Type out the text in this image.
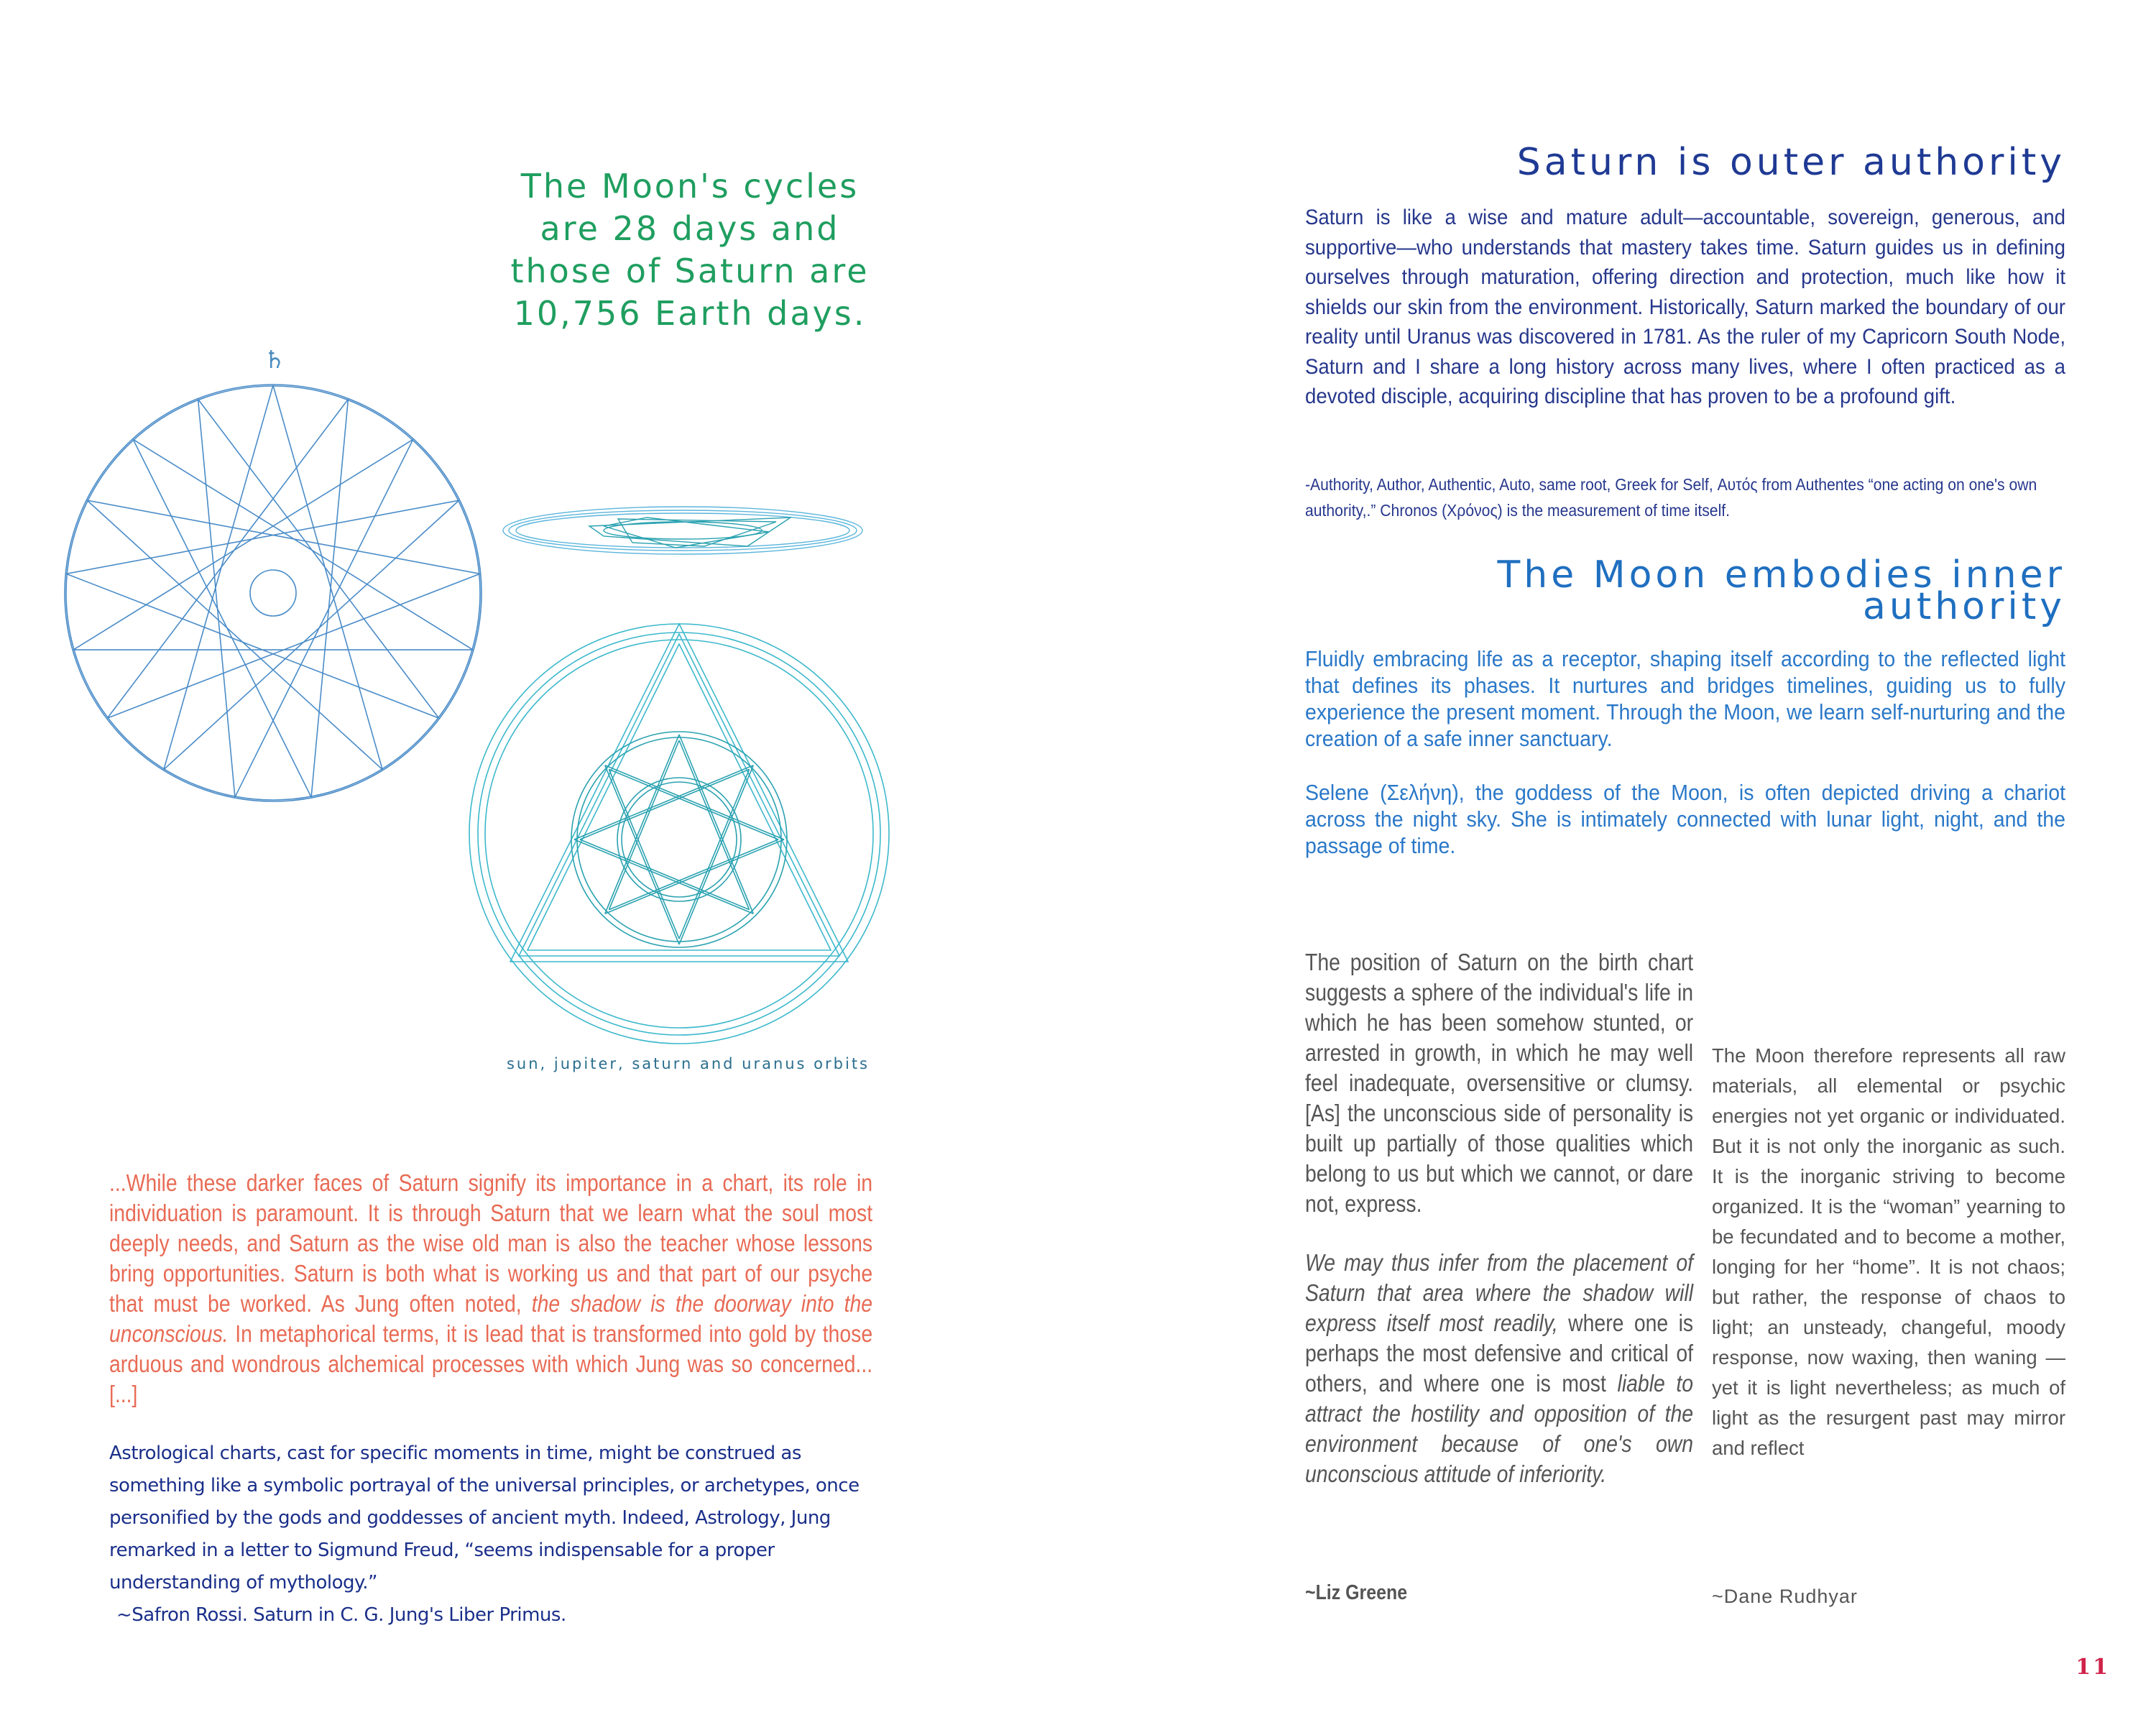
The Moon's cycles are 28 days and those of Saturn are 10,756 Earth days.
♄
sun, jupiter, saturn and uranus orbits
...While these darker faces of Saturn signify its importance in a chart, its role in individuation is paramount. It is through Saturn that we learn what the soul most deeply needs, and Saturn as the wise old man is also the teacher whose lessons bring opportunities. Saturn is both what is working us and that part of our psyche that must be worked. As Jung often noted, the shadow is the doorway into the unconscious. In metaphorical terms, it is lead that is transformed into gold by those arduous and wondrous alchemical processes with which Jung was so concerned... [...]
Astrological charts, cast for specific moments in time, might be construed as something like a symbolic portrayal of the universal principles, or archetypes, once personified by the gods and goddesses of ancient myth. Indeed, Astrology, Jung remarked in a letter to Sigmund Freud, “seems indispensable for a proper understanding of mythology.”
~Safron Rossi. Saturn in C. G. Jung's Liber Primus.
Saturn is outer authority
Saturn is like a wise and mature adult—accountable, sovereign, generous, and supportive—who understands that mastery takes time. Saturn guides us in defining ourselves through maturation, offering direction and protection, much like how it shields our skin from the environment. Historically, Saturn marked the boundary of our reality until Uranus was discovered in 1781. As the ruler of my Capricorn South Node, Saturn and I share a long history across many lives, where I often practiced as a devoted disciple, acquiring discipline that has proven to be a profound gift.
-Authority, Author, Authentic, Auto, same root, Greek for Self, Αυτός from Authentes “one acting on one's own authority,.” Chronos (Χρόνος) is the measurement of time itself.
The Moon embodies inner
authority

Fluidly embracing life as a receptor, shaping itself according to the reflected light that defines its phases. It nurtures and bridges timelines, guiding us to fully experience the present moment. Through the Moon, we learn self-nurturing and the creation of a safe inner sanctuary.

Selene (Σελήνη), the goddess of the Moon, is often depicted driving a chariot across the night sky. She is intimately connected with lunar light, night, and the passage of time.

The position of Saturn on the birth chart suggests a sphere of the individual's life in which he has been somehow stunted, or arrested in growth, in which he may well feel inadequate, oversensitive or clumsy. [As] the unconscious side of personality is built up partially of those qualities which belong to us but which we cannot, or dare not, express.

We may thus infer from the placement of Saturn that area where the shadow will express itself most readily, where one is perhaps the most defensive and critical of others, and where one is most liable to attract the hostility and opposition of the environment because of one's own unconscious attitude of inferiority.

~Liz Greene
The Moon therefore represents all raw materials, all elemental or psychic energies not yet organic or individuated. But it is not only the inorganic as such. It is the inorganic striving to become organized. It is the “woman” yearning to be fecundated and to become a mother, longing for her “home”. It is not chaos; but rather, the response of chaos to light; an unsteady, changeful, moody response, now waxing, then waning — yet it is light nevertheless; as much of light as the resurgent past may mirror and reflect
~Dane Rudhyar
11
